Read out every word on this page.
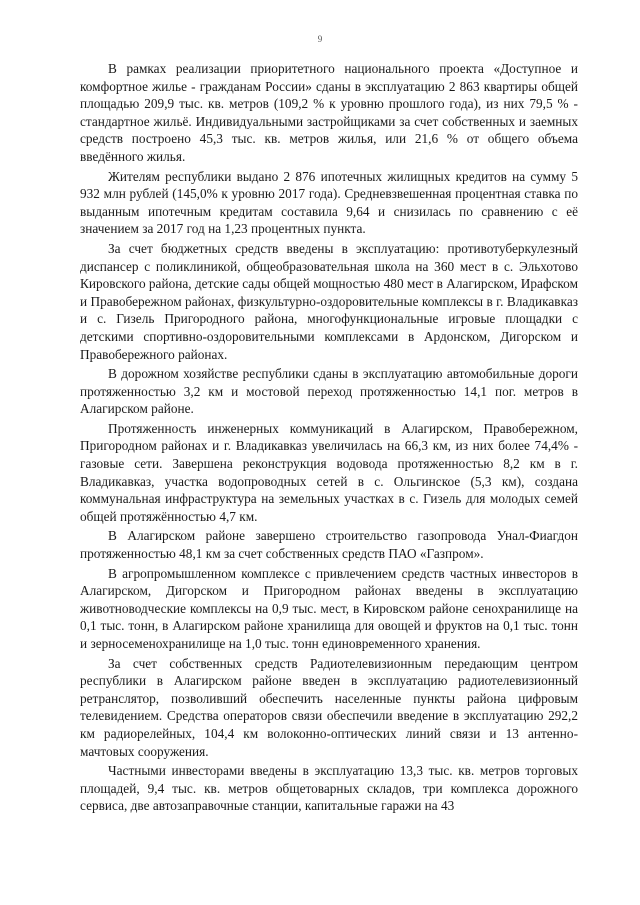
9

В рамках реализации приоритетного национального проекта «Доступное и комфортное жилье - гражданам России» сданы в эксплуатацию 2 863 квартиры общей площадью 209,9 тыс. кв. метров (109,2 % к уровню прошлого года), из них 79,5 % - стандартное жильё. Индивидуальными застройщиками за счет собственных и заемных средств построено 45,3 тыс. кв. метров жилья, или 21,6 % от общего объема введённого жилья.

Жителям республики выдано 2 876 ипотечных жилищных кредитов на сумму 5 932 млн рублей (145,0% к уровню 2017 года). Средневзвешенная процентная ставка по выданным ипотечным кредитам составила 9,64 и снизилась по сравнению с её значением за 2017 год на 1,23 процентных пункта.

За счет бюджетных средств введены в эксплуатацию: противотуберкулезный диспансер с поликлиникой, общеобразовательная школа на 360 мест в с. Эльхотово Кировского района, детские сады общей мощностью 480 мест в Алагирском, Ирафском и Правобережном районах, физкультурно-оздоровительные комплексы в г. Владикавказ и с. Гизель Пригородного района, многофункциональные игровые площадки с детскими спортивно-оздоровительными комплексами в Ардонском, Дигорском и Правобережного районах.

В дорожном хозяйстве республики сданы в эксплуатацию автомобильные дороги протяженностью 3,2 км и мостовой переход протяженностью 14,1 пог. метров в Алагирском районе.

Протяженность инженерных коммуникаций в Алагирском, Правобережном, Пригородном районах и г. Владикавказ увеличилась на 66,3 км, из них более 74,4% - газовые сети. Завершена реконструкция водовода протяженностью 8,2 км в г. Владикавказ, участка водопроводных сетей в с. Ольгинское (5,3 км), создана коммунальная инфраструктура на земельных участках в с. Гизель для молодых семей общей протяжённостью 4,7 км.

В Алагирском районе завершено строительство газопровода Унал-Фиагдон протяженностью 48,1 км за счет собственных средств ПАО «Газпром».

В агропромышленном комплексе с привлечением средств частных инвесторов в Алагирском, Дигорском и Пригородном районах введены в эксплуатацию животноводческие комплексы на 0,9 тыс. мест, в Кировском районе сенохранилище на 0,1 тыс. тонн, в Алагирском районе хранилища для овощей и фруктов на 0,1 тыс. тонн и зерносеменохранилище на 1,0 тыс. тонн единовременного хранения.

За счет собственных средств Радиотелевизионным передающим центром республики в Алагирском районе введен в эксплуатацию радиотелевизионный ретранслятор, позволивший обеспечить населенные пункты района цифровым телевидением. Средства операторов связи обеспечили введение в эксплуатацию 292,2 км радиорелейных, 104,4 км волоконно-оптических линий связи и 13 антенно-мачтовых сооружения.

Частными инвесторами введены в эксплуатацию 13,3 тыс. кв. метров торговых площадей, 9,4 тыс. кв. метров общетоварных складов, три комплекса дорожного сервиса, две автозаправочные станции, капитальные гаражи на 43
